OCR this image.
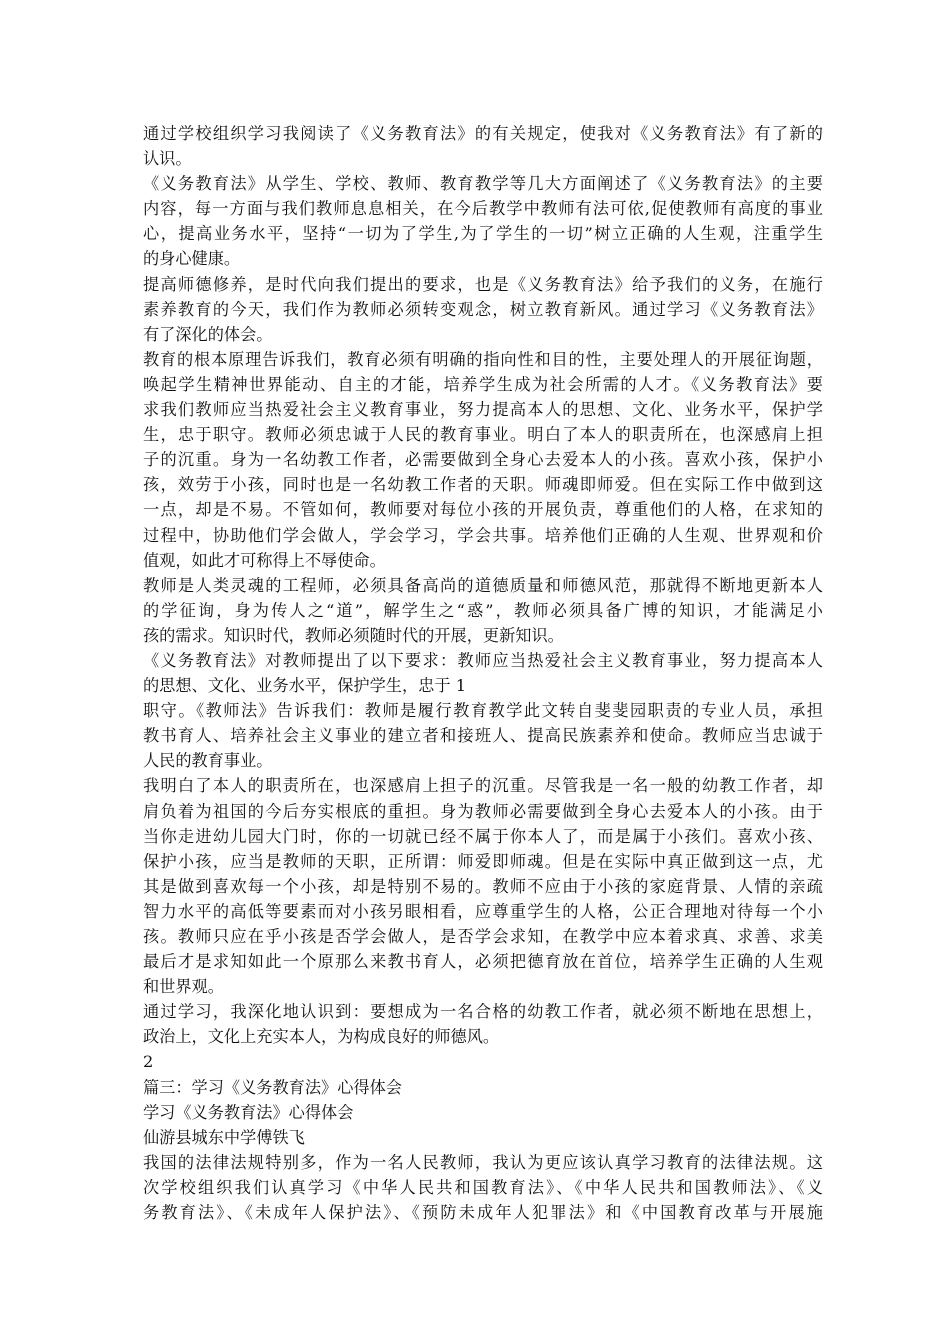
通过学校组织学习我阅读了《义务教育法》的有关规定，使我对《义务教育法》有了新的
认识。
《义务教育法》从学生、学校、教师、教育教学等几大方面阐述了《义务教育法》的主要
内容，每一方面与我们教师息息相关，在今后教学中教师有法可依,促使教师有高度的事业
心，提高业务水平，坚持“一切为了学生,为了学生的一切”树立正确的人生观，注重学生
的身心健康。
提高师德修养，是时代向我们提出的要求，也是《义务教育法》给予我们的义务，在施行
素养教育的今天，我们作为教师必须转变观念，树立教育新风。通过学习《义务教育法》
有了深化的体会。
教育的根本原理告诉我们，教育必须有明确的指向性和目的性，主要处理人的开展征询题，
唤起学生精神世界能动、自主的才能，培养学生成为社会所需的人才。《义务教育法》要
求我们教师应当热爱社会主义教育事业，努力提高本人的思想、文化、业务水平，保护学
生，忠于职守。教师必须忠诚于人民的教育事业。明白了本人的职责所在，也深感肩上担
子的沉重。身为一名幼教工作者，必需要做到全身心去爱本人的小孩。喜欢小孩，保护小
孩，效劳于小孩，同时也是一名幼教工作者的天职。师魂即师爱。但在实际工作中做到这
一点，却是不易。不管如何，教师要对每位小孩的开展负责，尊重他们的人格，在求知的
过程中，协助他们学会做人，学会学习，学会共事。培养他们正确的人生观、世界观和价
值观，如此才可称得上不辱使命。
教师是人类灵魂的工程师，必须具备高尚的道德质量和师德风范，那就得不断地更新本人
的学征询，身为传人之“道”，解学生之“惑”，教师必须具备广博的知识，才能满足小
孩的需求。知识时代，教师必须随时代的开展，更新知识。
《义务教育法》对教师提出了以下要求：教师应当热爱社会主义教育事业，努力提高本人
的思想、文化、业务水平，保护学生，忠于 1
职守。《教师法》告诉我们：教师是履行教育教学此文转自斐斐园职责的专业人员，承担
教书育人、培养社会主义事业的建立者和接班人、提高民族素养和使命。教师应当忠诚于
人民的教育事业。
我明白了本人的职责所在，也深感肩上担子的沉重。尽管我是一名一般的幼教工作者，却
肩负着为祖国的今后夯实根底的重担。身为教师必需要做到全身心去爱本人的小孩。由于
当你走进幼儿园大门时，你的一切就已经不属于你本人了，而是属于小孩们。喜欢小孩、
保护小孩，应当是教师的天职，正所谓：师爱即师魂。但是在实际中真正做到这一点，尤
其是做到喜欢每一个小孩，却是特别不易的。教师不应由于小孩的家庭背景、人情的亲疏
智力水平的高低等要素而对小孩另眼相看，应尊重学生的人格，公正合理地对待每一个小
孩。教师只应在乎小孩是否学会做人，是否学会求知，在教学中应本着求真、求善、求美
最后才是求知如此一个原那么来教书育人，必须把德育放在首位，培养学生正确的人生观
和世界观。
通过学习，我深化地认识到：要想成为一名合格的幼教工作者，就必须不断地在思想上，
政治上，文化上充实本人，为构成良好的师德风。
2
篇三：学习《义务教育法》心得体会
学习《义务教育法》心得体会
仙游县城东中学傅铁飞
我国的法律法规特别多，作为一名人民教师，我认为更应该认真学习教育的法律法规。这
次学校组织我们认真学习《中华人民共和国教育法》、《中华人民共和国教师法》、《义
务教育法》、《未成年人保护法》、《预防未成年人犯罪法》和《中国教育改革与开展施
